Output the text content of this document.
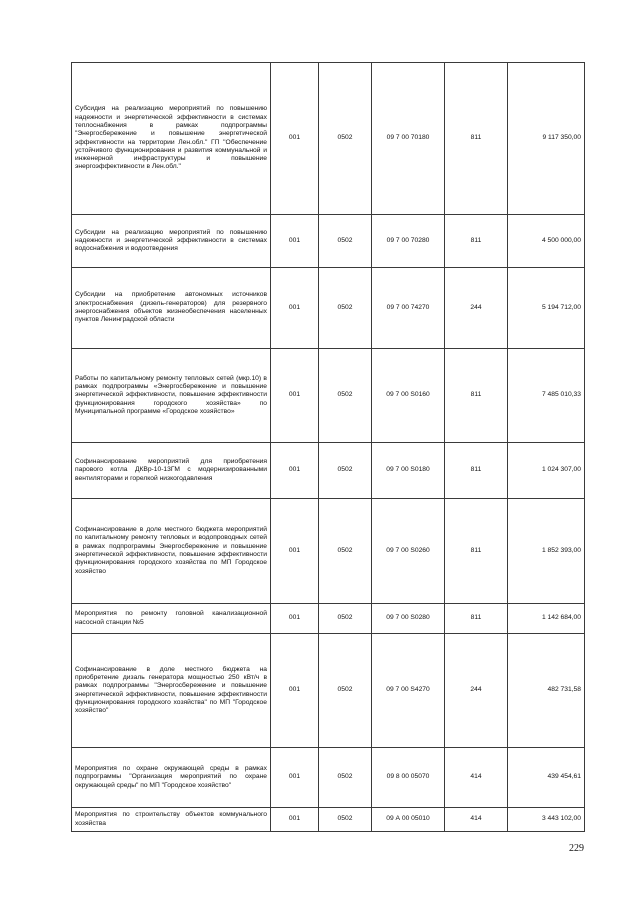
Субсидия на реализацию мероприятий по повышению надежности и энергетической эффективности в системах теплоснабжения в рамках подпрограммы "Энергосбережение и повышение энергетической эффективности на территории Лен.обл." ГП "Обеспечение устойчивого функционирования и развития коммунальной и инженерной инфраструктуры и повышение энергоэффективности в Лен.обл."	001	0502	09 7 00 70180	811	9 117 350,00
Субсидии на реализацию мероприятий по повышению надежности и энергетической эффективности в системах водоснабжения и водоотведения	001	0502	09 7 00 70280	811	4 500 000,00
Субсидии на приобретение автономных источников электроснабжения (дизель-генераторов) для резервного энергоснабжения объектов жизнеобеспечения населенных пунктов Ленинградской области	001	0502	09 7 00 74270	244	5 194 712,00
Работы по капитальному ремонту тепловых сетей (мкр.10) в рамках подпрограммы «Энергосбережение и повышение энергетической эффективности, повышение эффективности функционирования городского хозяйства» по Муниципальной программе «Городское хозяйство»	001	0502	09 7 00 S0160	811	7 485 010,33
Софинансирование мероприятий для приобретения парового котла ДКВр-10-13ГМ с модернизированными вентиляторами и горелкой низкогодавления	001	0502	09 7 00 S0180	811	1 024 307,00
Софинансирование в доле местного бюджета мероприятий по капитальному ремонту тепловых и водопроводных сетей в рамках подпрограммы Энергосбережение и повышение энергетической эффективности, повышение эффективности функционирования городского хозяйства по МП Городское хозяйство	001	0502	09 7 00 S0260	811	1 852 393,00
Мероприятия по ремонту головной канализационной насосной станции №5	001	0502	09 7 00 S0280	811	1 142 684,00
Софинансирование в доле местного бюджета на приобретение дизаль генератора мощностью 250 кВт/ч в рамках подпрограммы "Энергосбережение и повышение энергетической эффективности, повышение эффективности функционирования городского хозяйства" по МП "Городское хозяйство"	001	0502	09 7 00 S4270	244	482 731,58
Мероприятия по охране окружающей среды в рамках подпрограммы "Организация мероприятий по охране окружающей среды" по МП "Городское хозяйство"	001	0502	09 8 00 05070	414	439 454,61
Мероприятия по строительству объектов коммунального хозяйства	001	0502	09 А 00 05010	414	3 443 102,00
229
